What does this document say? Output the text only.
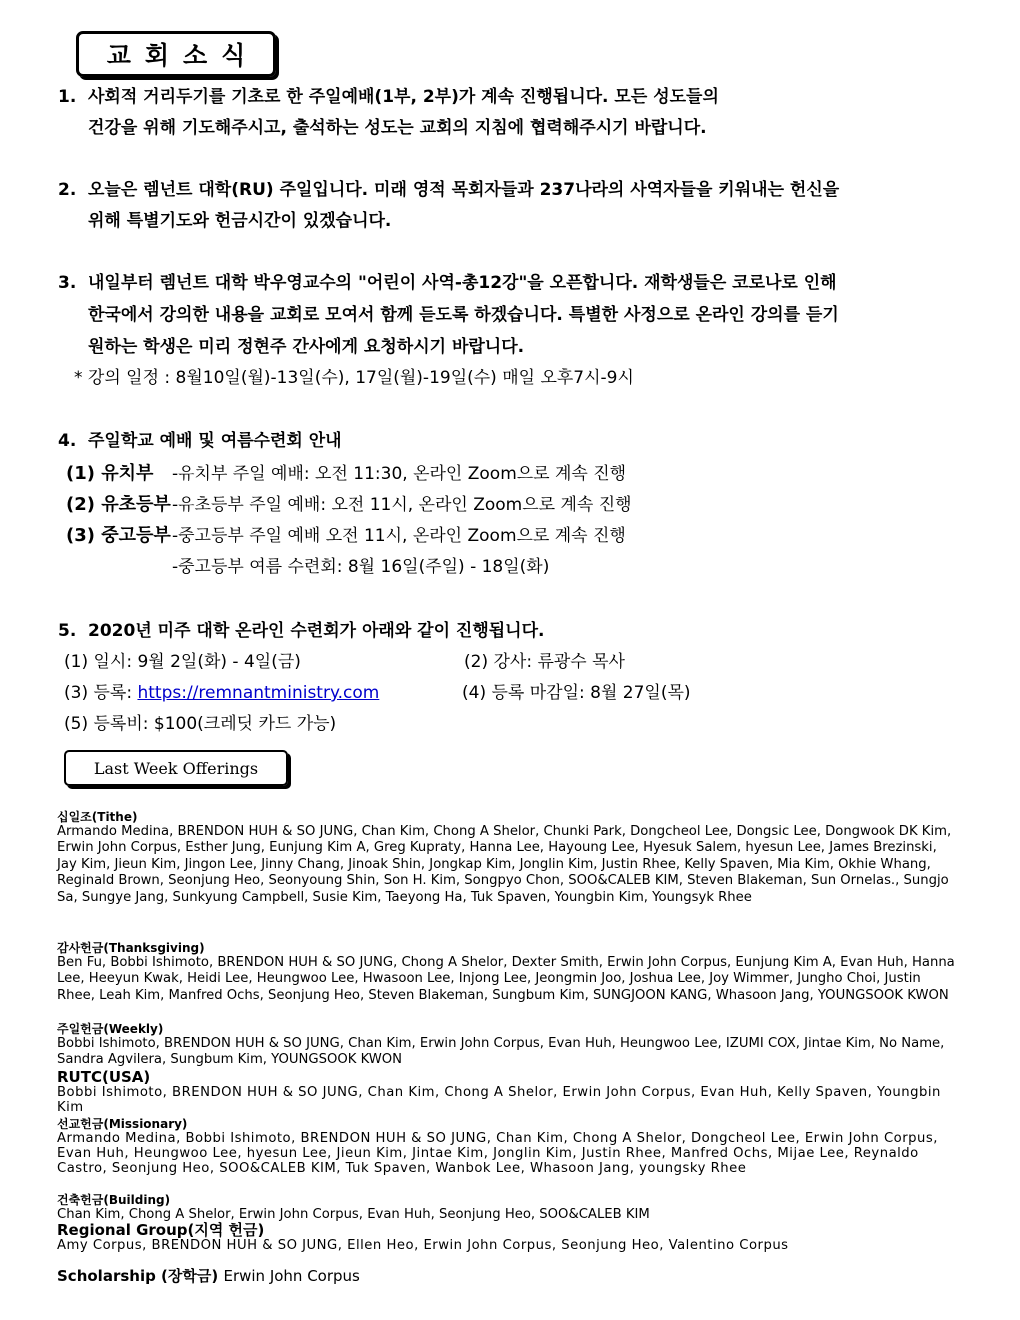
교회소식
1. 사회적 거리두기를 기초로 한 주일예배(1부, 2부)가 계속 진행됩니다. 모든 성도들의
건강을 위해 기도해주시고, 출석하는 성도는 교회의 지침에 협력해주시기 바랍니다.
2. 오늘은 렘넌트 대학(RU) 주일입니다. 미래 영적 목회자들과 237나라의 사역자들을 키워내는 헌신을
위해 특별기도와 헌금시간이 있겠습니다.
3. 내일부터 렘넌트 대학 박우영교수의 "어린이 사역-총12강"을 오픈합니다. 재학생들은 코로나로 인해
한국에서 강의한 내용을 교회로 모여서 함께 듣도록 하겠습니다. 특별한 사정으로 온라인 강의를 듣기
원하는 학생은 미리 정현주 간사에게 요청하시기 바랍니다.
* 강의 일정 : 8월10일(월)-13일(수), 17일(월)-19일(수) 매일 오후7시-9시
4. 주일학교 예배 및 여름수련회 안내
(1) 유치부 -유치부 주일 예배: 오전 11:30, 온라인 Zoom으로 계속 진행
(2) 유초등부 -유초등부 주일 예배: 오전 11시, 온라인 Zoom으로 계속 진행
(3) 중고등부 -중고등부 주일 예배 오전 11시, 온라인 Zoom으로 계속 진행
-중고등부 여름 수련회: 8월 16일(주일) - 18일(화)
5. 2020년 미주 대학 온라인 수련회가 아래와 같이 진행됩니다.
(1) 일시: 9월 2일(화) - 4일(금)	(2) 강사: 류광수 목사
(3) 등록: https://remnantministry.com	(4) 등록 마감일: 8월 27일(목)
(5) 등록비: $100(크레딧 카드 가능)
Last Week Offerings
십일조(Tithe)
Armando Medina, BRENDON HUH & SO JUNG, Chan Kim, Chong A Shelor, Chunki Park, Dongcheol Lee, Dongsic Lee, Dongwook DK Kim, Erwin John Corpus, Esther Jung, Eunjung Kim A, Greg Kupraty, Hanna Lee, Hayoung Lee, Hyesuk Salem, hyesun Lee, James Brezinski, Jay Kim, Jieun Kim, Jingon Lee, Jinny Chang, Jinoak Shin, Jongkap Kim, Jonglin Kim, Justin Rhee, Kelly Spaven, Mia Kim, Okhie Whang, Reginald Brown, Seonjung Heo, Seonyoung Shin, Son H. Kim, Songpyo Chon, SOO&CALEB KIM, Steven Blakeman, Sun Ornelas., Sungjo Sa, Sungye Jang, Sunkyung Campbell, Susie Kim, Taeyong Ha, Tuk Spaven, Youngbin Kim, Youngsyk Rhee
감사헌금(Thanksgiving)
Ben Fu, Bobbi Ishimoto, BRENDON HUH & SO JUNG, Chong A Shelor, Dexter Smith, Erwin John Corpus, Eunjung Kim A, Evan Huh, Hanna Lee, Heeyun Kwak, Heidi Lee, Heungwoo Lee, Hwasoon Lee, Injong Lee, Jeongmin Joo, Joshua Lee, Joy Wimmer, Jungho Choi, Justin Rhee, Leah Kim, Manfred Ochs, Seonjung Heo, Steven Blakeman, Sungbum Kim, SUNGJOON KANG, Whasoon Jang, YOUNGSOOK KWON
주일헌금(Weekly)
Bobbi Ishimoto, BRENDON HUH & SO JUNG, Chan Kim, Erwin John Corpus, Evan Huh, Heungwoo Lee, IZUMI COX, Jintae Kim, No Name, Sandra Agvilera, Sungbum Kim, YOUNGSOOK KWON
RUTC(USA)
Bobbi Ishimoto, BRENDON HUH & SO JUNG, Chan Kim, Chong A Shelor, Erwin John Corpus, Evan Huh, Kelly Spaven, Youngbin Kim
선교헌금(Missionary)
Armando Medina, Bobbi Ishimoto, BRENDON HUH & SO JUNG, Chan Kim, Chong A Shelor, Dongcheol Lee, Erwin John Corpus, Evan Huh, Heungwoo Lee, hyesun Lee, Jieun Kim, Jintae Kim, Jonglin Kim, Justin Rhee, Manfred Ochs, Mijae Lee, Reynaldo Castro, Seonjung Heo, SOO&CALEB KIM, Tuk Spaven, Wanbok Lee, Whasoon Jang, youngsky Rhee
건축헌금(Building)
Chan Kim, Chong A Shelor, Erwin John Corpus, Evan Huh, Seonjung Heo, SOO&CALEB KIM
Regional Group(지역 헌금)
Amy Corpus, BRENDON HUH & SO JUNG, Ellen Heo, Erwin John Corpus, Seonjung Heo, Valentino Corpus
Scholarship (장학금) Erwin John Corpus
